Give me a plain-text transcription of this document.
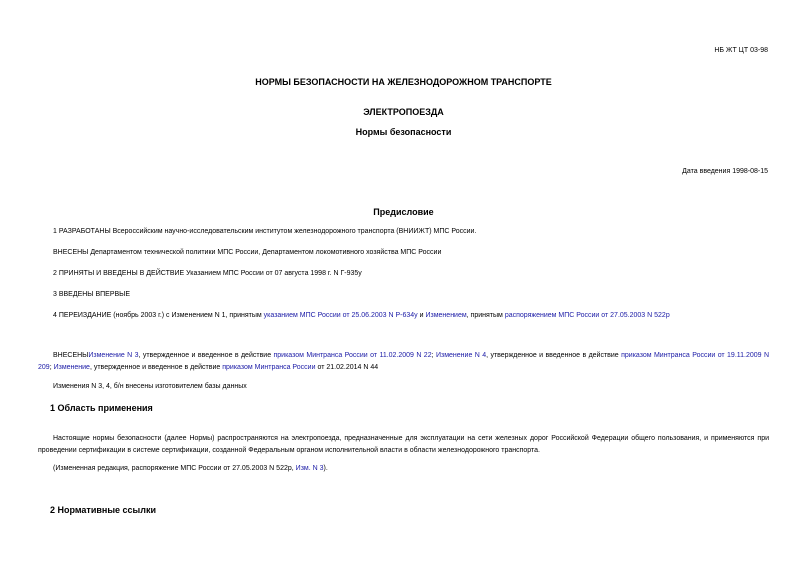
НБ ЖТ ЦТ 03-98
НОРМЫ БЕЗОПАСНОСТИ НА ЖЕЛЕЗНОДОРОЖНОМ ТРАНСПОРТЕ
ЭЛЕКТРОПОЕЗДА
Нормы безопасности
Дата введения 1998-08-15
Предисловие
1 РАЗРАБОТАНЫ Всероссийским научно-исследовательским институтом железнодорожного транспорта (ВНИИЖТ) МПС России.
ВНЕСЕНЫ Департаментом технической политики МПС России, Департаментом локомотивного хозяйства МПС России
2 ПРИНЯТЫ И ВВЕДЕНЫ В ДЕЙСТВИЕ Указанием МПС России от 07 августа 1998 г. N Г-935у
3 ВВЕДЕНЫ ВПЕРВЫЕ
4 ПЕРЕИЗДАНИЕ (ноябрь 2003 г.) с Изменением N 1, принятым указанием МПС России от 25.06.2003 N Р-634у и Изменением, принятым распоряжением МПС России от 27.05.2003 N 522р
ВНЕСЕНЫИзменение N 3, утвержденное и введенное в действие приказом Минтранса России от 11.02.2009 N 22; Изменение N 4, утвержденное и введенное в действие приказом Минтранса России от 19.11.2009 N 209; Изменение, утвержденное и введенное в действие приказом Минтранса России от 21.02.2014 N 44
Изменения N 3, 4, б/н внесены изготовителем базы данных
1 Область применения
Настоящие нормы безопасности (далее Нормы) распространяются на электропоезда, предназначенные для эксплуатации на сети железных дорог Российской Федерации общего пользования, и применяются при проведении сертификации в системе сертификации, созданной Федеральным органом исполнительной власти в области железнодорожного транспорта.
(Измененная редакция, распоряжение МПС России от 27.05.2003 N 522р, Изм. N 3).
2 Нормативные ссылки
